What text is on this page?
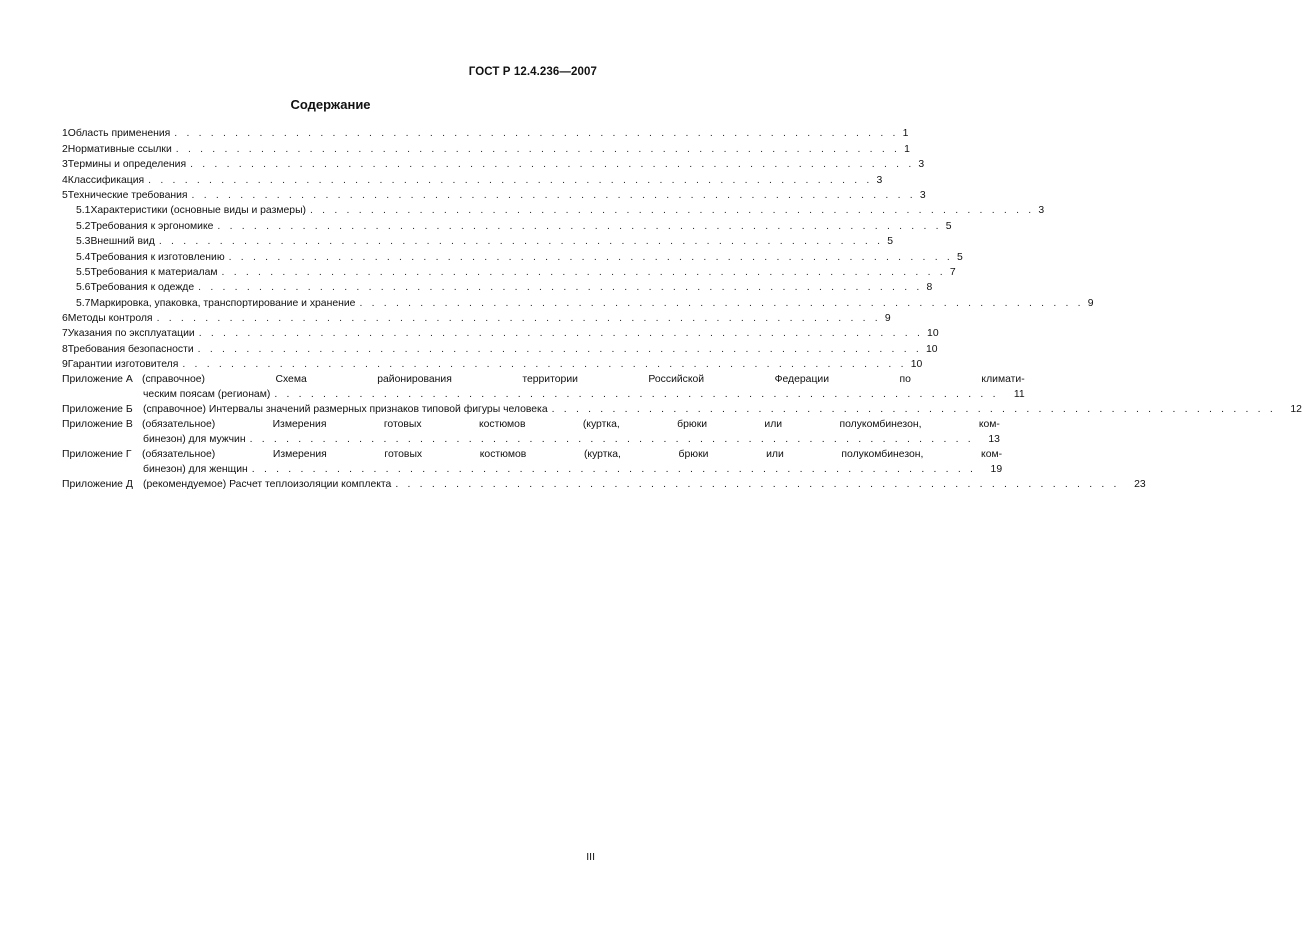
ГОСТ Р 12.4.236—2007
Содержание
1 Область применения . . . . . . . . . . . . . . . . . . . . . . . . . . . . . . . . . . . . . . . . . . . . . . . . . . . . . . . . . . . . 1
2 Нормативные ссылки . . . . . . . . . . . . . . . . . . . . . . . . . . . . . . . . . . . . . . . . . . . . . . . . . . . . . . . . . . . . 1
3 Термины и определения . . . . . . . . . . . . . . . . . . . . . . . . . . . . . . . . . . . . . . . . . . . . . . . . . . . . . . . . . . . . 3
4 Классификация . . . . . . . . . . . . . . . . . . . . . . . . . . . . . . . . . . . . . . . . . . . . . . . . . . . . . . . . . . . . 3
5 Технические требования . . . . . . . . . . . . . . . . . . . . . . . . . . . . . . . . . . . . . . . . . . . . . . . . . . . . . . . . . . . . 3
5.1 Характеристики (основные виды и размеры) . . . . . . . . . . . . . . . . . . . . . . . . . . . . . . . . . . . . . . . . . . . . . . . . . . . . . . . . . . . . 3
5.2 Требования к эргономике . . . . . . . . . . . . . . . . . . . . . . . . . . . . . . . . . . . . . . . . . . . . . . . . . . . . . . . . . . . . 5
5.3 Внешний вид . . . . . . . . . . . . . . . . . . . . . . . . . . . . . . . . . . . . . . . . . . . . . . . . . . . . . . . . . . . . 5
5.4 Требования к изготовлению . . . . . . . . . . . . . . . . . . . . . . . . . . . . . . . . . . . . . . . . . . . . . . . . . . . . . . . . . . . . 5
5.5 Требования к материалам . . . . . . . . . . . . . . . . . . . . . . . . . . . . . . . . . . . . . . . . . . . . . . . . . . . . . . . . . . . . 7
5.6 Требования к одежде . . . . . . . . . . . . . . . . . . . . . . . . . . . . . . . . . . . . . . . . . . . . . . . . . . . . . . . . . . . . 8
5.7 Маркировка, упаковка, транспортирование и хранение . . . . . . . . . . . . . . . . . . . . . . . . . . . . . . . . . . . . . . . . . . . . . . . . . . . . . . . . . . . . 9
6 Методы контроля . . . . . . . . . . . . . . . . . . . . . . . . . . . . . . . . . . . . . . . . . . . . . . . . . . . . . . . . . . . . 9
7 Указания по эксплуатации . . . . . . . . . . . . . . . . . . . . . . . . . . . . . . . . . . . . . . . . . . . . . . . . . . . . . . . . . . . . 10
8 Требования безопасности . . . . . . . . . . . . . . . . . . . . . . . . . . . . . . . . . . . . . . . . . . . . . . . . . . . . . . . . . . . . 10
9 Гарантии изготовителя . . . . . . . . . . . . . . . . . . . . . . . . . . . . . . . . . . . . . . . . . . . . . . . . . . . . . . . . . . . . 10
Приложение А (справочное) Схема районирования территории Российской Федерации по климати-
ческим поясам (регионам) . . . . . . . . . . . . . . . . . . . . . . . . . . . . . . . . . . . . . . . . . . . . . . . . . . . . . . . . . . . .	11
Приложение Б (справочное) Интервалы значений размерных признаков типовой фигуры человека . . . . . . . . . . . . . . . . . . . . . . . . . . . . . . . . . . . . . . . . . . . . . . . . . . . . . . . . . . . .	12
Приложение В (обязательное) Измерения готовых костюмов (куртка, брюки или полукомбинезон, ком-
бинезон) для мужчин . . . . . . . . . . . . . . . . . . . . . . . . . . . . . . . . . . . . . . . . . . . . . . . . . . . . . . . . . . . .	13
Приложение Г	(обязательное) Измерения готовых костюмов (куртка, брюки или полукомбинезон, ком-
бинезон) для женщин . . . . . . . . . . . . . . . . . . . . . . . . . . . . . . . . . . . . . . . . . . . . . . . . . . . . . . . . . . . .	19
Приложение Д (рекомендуемое) Расчет теплоизоляции комплекта . . . . . . . . . . . . . . . . . . . . . . . . . . . . . . . . . . . . . . . . . . . . . . . . . . . . . . . . . . . .	23
III
